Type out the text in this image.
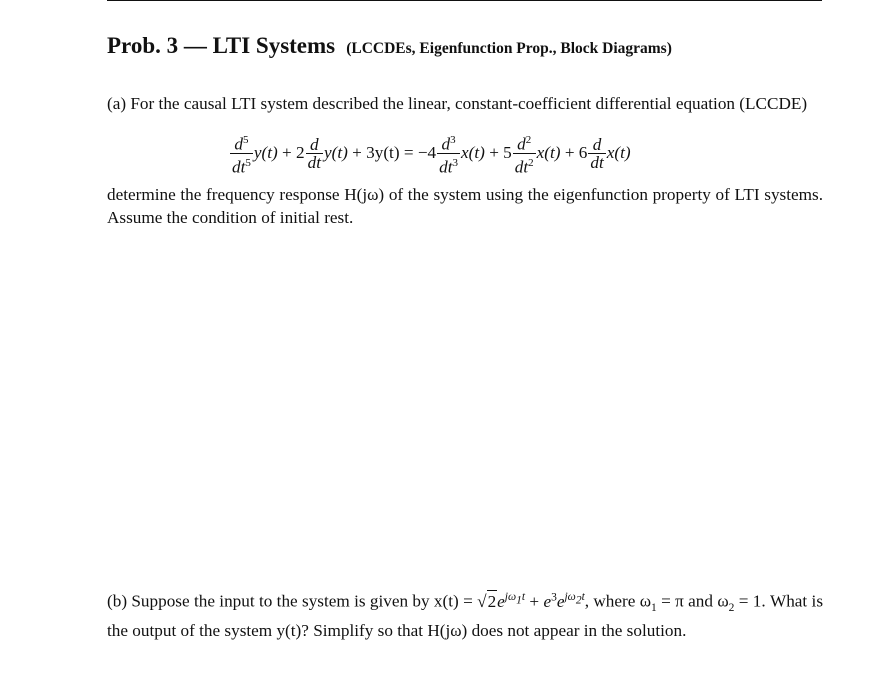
Prob. 3 — LTI Systems (LCCDEs, Eigenfunction Prop., Block Diagrams)
(a) For the causal LTI system described the linear, constant-coefficient differential equation (LCCDE)
$\frac{d^5}{dt^5} y(t) + 2 \frac{d}{dt} y(t) + 3y(t) = -4 \frac{d^3}{dt^3} x(t) + 5 \frac{d^2}{dt^2} x(t) + 6 \frac{d}{dt} x(t)$
determine the frequency response H(jω) of the system using the eigenfunction property of LTI systems. Assume the condition of initial rest.
(b) Suppose the input to the system is given by $x(t) = √2e^{j\omega_1t} + e^3e^{j\omega_2t}$, where $\omega_1 = \pi$ and $\omega_2 = 1$. What is the output of the system y(t)? Simplify so that H(jω) does not appear in the solution.
